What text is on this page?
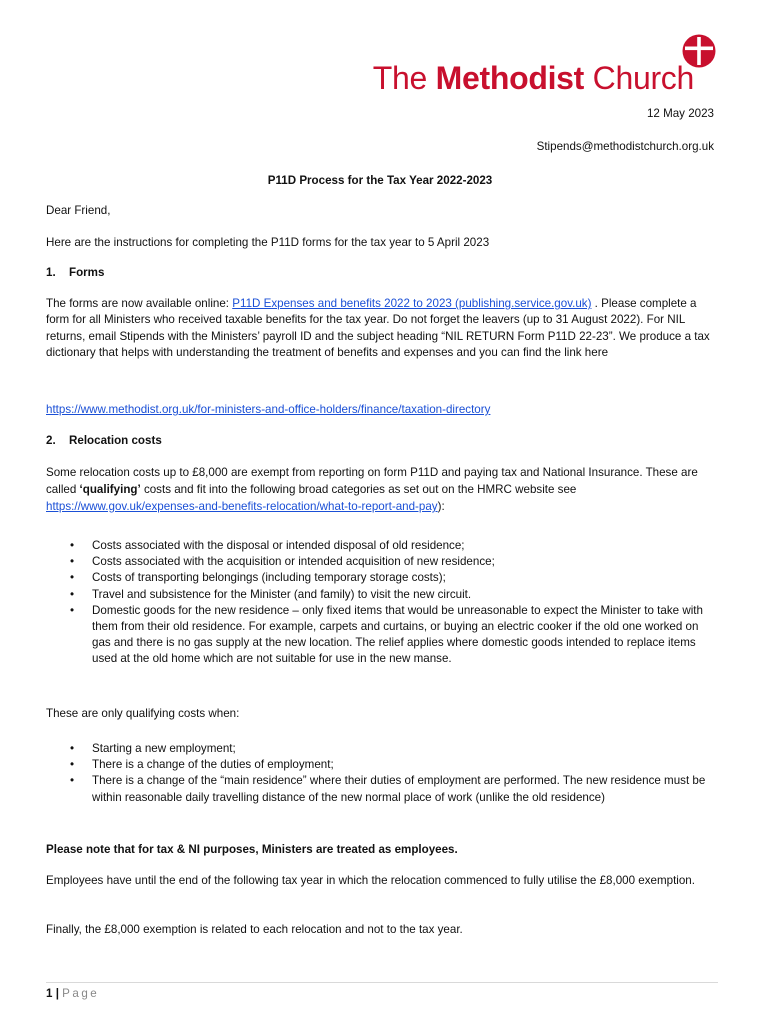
The Methodist Church
12 May 2023
Stipends@methodistchurch.org.uk
P11D Process for the Tax Year 2022-2023
Dear Friend,
Here are the instructions for completing the P11D forms for the tax year to 5 April 2023
1. Forms
The forms are now available online: P11D Expenses and benefits 2022 to 2023 (publishing.service.gov.uk) . Please complete a form for all Ministers who received taxable benefits for the tax year. Do not forget the leavers (up to 31 August 2022). For NIL returns, email Stipends with the Ministers’ payroll ID and the subject heading “NIL RETURN Form P11D 22-23”. We produce a tax dictionary that helps with understanding the treatment of benefits and expenses and you can find the link here
https://www.methodist.org.uk/for-ministers-and-office-holders/finance/taxation-directory
2. Relocation costs
Some relocation costs up to £8,000 are exempt from reporting on form P11D and paying tax and National Insurance. These are called ‘qualifying’ costs and fit into the following broad categories as set out on the HMRC website see https://www.gov.uk/expenses-and-benefits-relocation/what-to-report-and-pay):
• Costs associated with the disposal or intended disposal of old residence;
• Costs associated with the acquisition or intended acquisition of new residence;
• Costs of transporting belongings (including temporary storage costs);
• Travel and subsistence for the Minister (and family) to visit the new circuit.
• Domestic goods for the new residence – only fixed items that would be unreasonable to expect the Minister to take with them from their old residence. For example, carpets and curtains, or buying an electric cooker if the old one worked on gas and there is no gas supply at the new location. The relief applies where domestic goods intended to replace items used at the old home which are not suitable for use in the new manse.
These are only qualifying costs when:
• Starting a new employment;
• There is a change of the duties of employment;
• There is a change of the “main residence” where their duties of employment are performed. The new residence must be within reasonable daily travelling distance of the new normal place of work (unlike the old residence)
Please note that for tax & NI purposes, Ministers are treated as employees.
Employees have until the end of the following tax year in which the relocation commenced to fully utilise the £8,000 exemption.
Finally, the £8,000 exemption is related to each relocation and not to the tax year.
1 | Page
